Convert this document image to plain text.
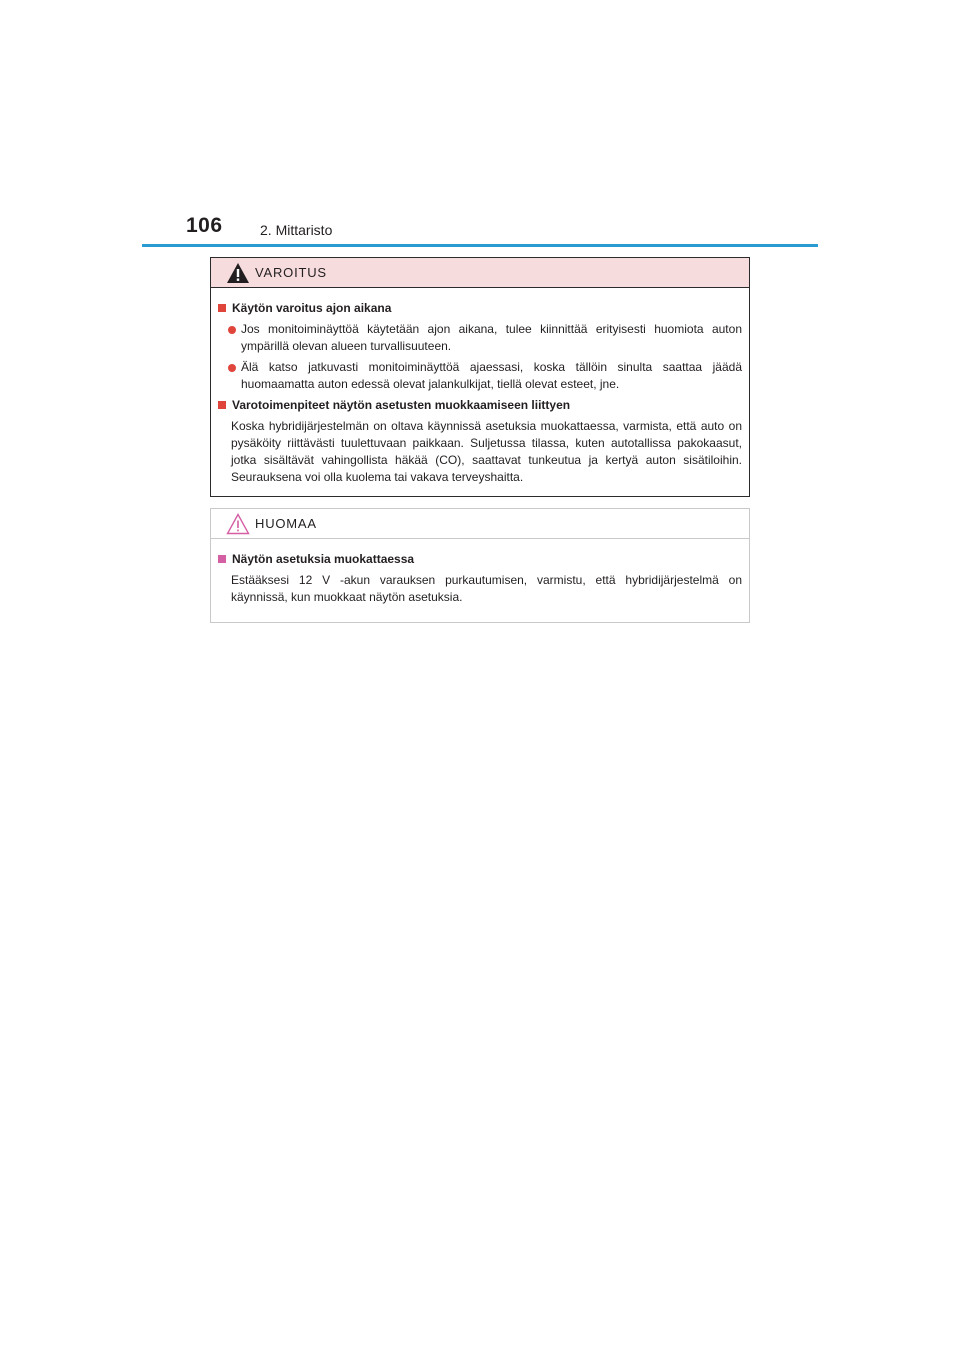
106	2. Mittaristo
VAROITUS
Käytön varoitus ajon aikana
Jos monitoiminäyttöä käytetään ajon aikana, tulee kiinnittää erityisesti huomiota auton ympärillä olevan alueen turvallisuuteen.
Älä katso jatkuvasti monitoiminäyttöä ajaessasi, koska tällöin sinulta saattaa jäädä huomaamatta auton edessä olevat jalankulkijat, tiellä olevat esteet, jne.
Varotoimenpiteet näytön asetusten muokkaamiseen liittyen
Koska hybridijärjestelmän on oltava käynnissä asetuksia muokattaessa, varmista, että auto on pysäköity riittävästi tuulettuvaan paikkaan. Suljetussa tilassa, kuten autotallissa pakokaasut, jotka sisältävät vahingollista häkää (CO), saattavat tunkeutua ja kertyä auton sisätiloihin. Seurauksena voi olla kuolema tai vakava terveyshaitta.
HUOMAA
Näytön asetuksia muokattaessa
Estääksesi 12 V -akun varauksen purkautumisen, varmistu, että hybridijärjestelmä on käynnissä, kun muokkaat näytön asetuksia.
